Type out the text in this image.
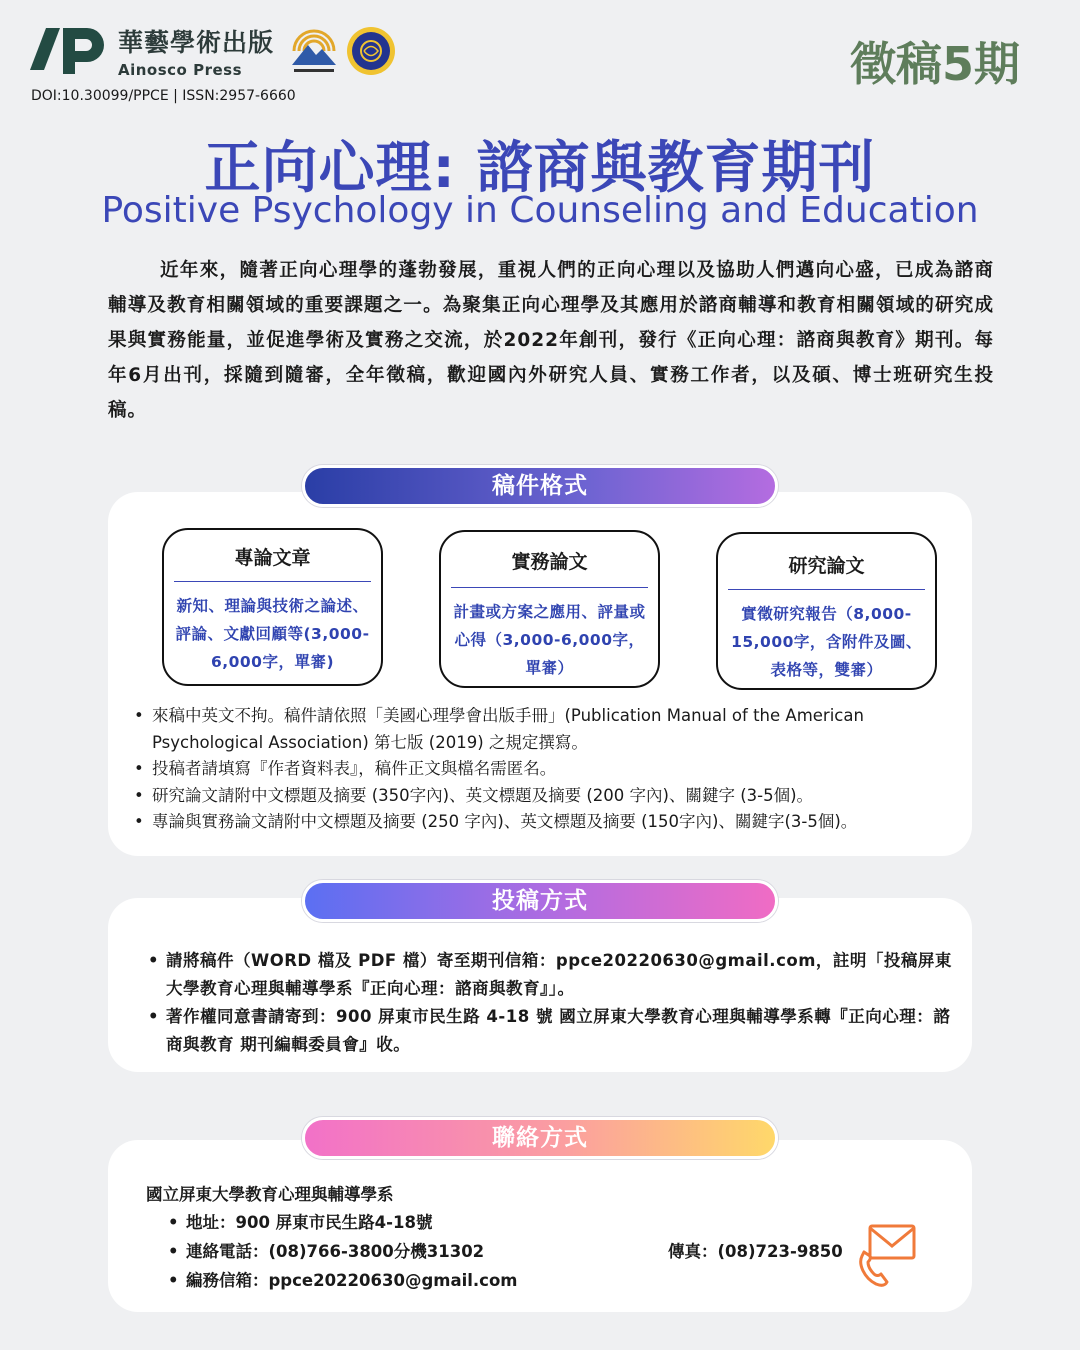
華藝學術出版
Ainosco Press
DOI:10.30099/PPCE | ISSN:2957-6660
徵稿5期
正向心理: 諮商與教育期刊
Positive Psychology in Counseling and Education

近年來，隨著正向心理學的蓬勃發展，重視人們的正向心理以及協助人們邁向心盛，已成為諮商輔導及教育相關領域的重要課題之一。為聚集正向心理學及其應用於諮商輔導和教育相關領域的研究成果與實務能量，並促進學術及實務之交流，於2022年創刊，發行《正向心理：諮商與教育》期刊。每年6月出刊，採隨到隨審，全年徵稿，歡迎國內外研究人員、實務工作者，以及碩、博士班研究生投稿。

稿件格式
專論文章
新知、理論與技術之論述、評論、文獻回顧等(3,000-6,000字，單審)
實務論文
計畫或方案之應用、評量或心得（3,000-6,000字，單審）
研究論文
實徵研究報告（8,000-15,000字，含附件及圖、表格等，雙審）
• 來稿中英文不拘。稿件請依照「美國心理學會出版手冊」(Publication Manual of the American Psychological Association) 第七版 (2019) 之規定撰寫。
• 投稿者請填寫『作者資料表』，稿件正文與檔名需匿名。
• 研究論文請附中文標題及摘要 (350字內)、英文標題及摘要 (200 字內)、關鍵字 (3-5個)。
• 專論與實務論文請附中文標題及摘要 (250 字內)、英文標題及摘要 (150字內)、關鍵字(3-5個)。
投稿方式
• 請將稿件（WORD 檔及 PDF 檔）寄至期刊信箱：ppce20220630@gmail.com，註明「投稿屏東大學教育心理與輔導學系『正向心理：諮商與教育』」。
• 著作權同意書請寄到：900 屏東市民生路 4-18 號 國立屏東大學教育心理與輔導學系轉『正向心理：諮商與教育 期刊編輯委員會』收。
聯絡方式
國立屏東大學教育心理與輔導學系
• 地址：900 屏東市民生路4-18號
• 連絡電話：(08)766-3800分機31302
• 編務信箱：ppce20220630@gmail.com
傳真：(08)723-9850
